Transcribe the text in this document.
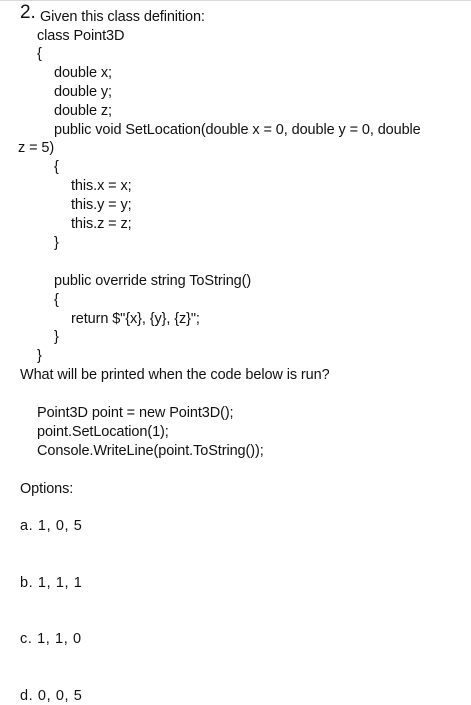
2. Given this class definition:
class Point3D
{
double x;
double y;
double z;
public void SetLocation(double x = 0, double y = 0, double
z = 5)
{
this.x = x;
this.y = y;
this.z = z;
}
public override string ToString()
{
return $"{x}, {y}, {z}";
}
}
What will be printed when the code below is run?
Point3D point = new Point3D();
point.SetLocation(1);
Console.WriteLine(point.ToString());
Options:
a. 1, 0, 5
b. 1, 1, 1
c. 1, 1, 0
d. 0, 0, 5
